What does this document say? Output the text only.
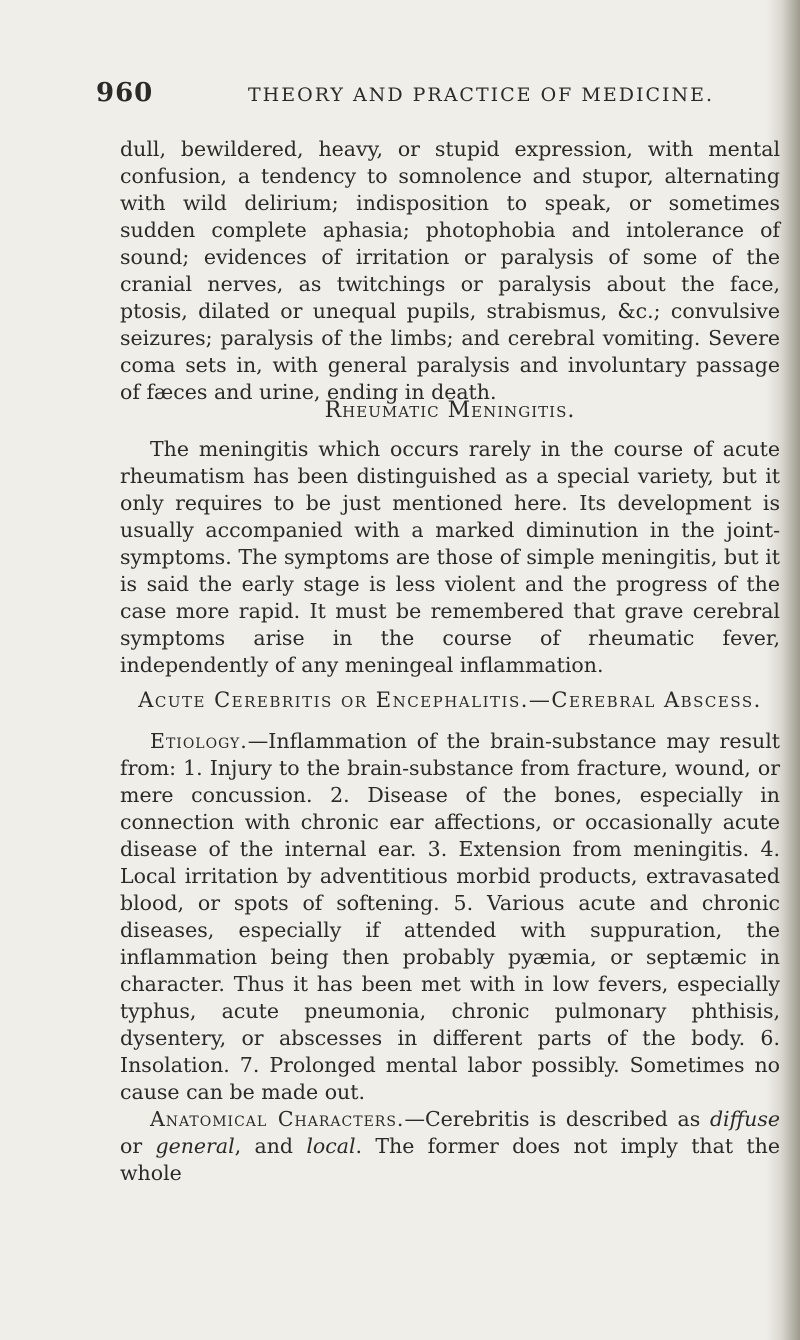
960	THEORY AND PRACTICE OF MEDICINE.

dull, bewildered, heavy, or stupid expression, with mental confusion, a tendency to somnolence and stupor, alternating with wild delirium; indisposition to speak, or sometimes sudden complete aphasia; photophobia and intolerance of sound; evidences of irritation or paralysis of some of the cranial nerves, as twitchings or paralysis about the face, ptosis, dilated or unequal pupils, strabismus, &c.; convulsive seizures; paralysis of the limbs; and cerebral vomiting. Severe coma sets in, with general paralysis and involuntary passage of fæces and urine, ending in death.

Rheumatic Meningitis.

The meningitis which occurs rarely in the course of acute rheumatism has been distinguished as a special variety, but it only requires to be just mentioned here. Its development is usually accompanied with a marked diminution in the joint-symptoms. The symptoms are those of simple meningitis, but it is said the early stage is less violent and the progress of the case more rapid. It must be remembered that grave cerebral symptoms arise in the course of rheumatic fever, independently of any meningeal inflammation.

Acute Cerebritis or Encephalitis.—Cerebral Abscess.

Etiology.—Inflammation of the brain-substance may result from: 1. Injury to the brain-substance from fracture, wound, or mere concussion. 2. Disease of the bones, especially in connection with chronic ear affections, or occasionally acute disease of the internal ear. 3. Extension from meningitis. 4. Local irritation by adventitious morbid products, extravasated blood, or spots of softening. 5. Various acute and chronic diseases, especially if attended with suppuration, the inflammation being then probably pyæmia, or septæmic in character. Thus it has been met with in low fevers, especially typhus, acute pneumonia, chronic pulmonary phthisis, dysentery, or abscesses in different parts of the body. 6. Insolation. 7. Prolonged mental labor possibly. Sometimes no cause can be made out.

Anatomical Characters.—Cerebritis is described as diffuse or general, and local. The former does not imply that the whole
